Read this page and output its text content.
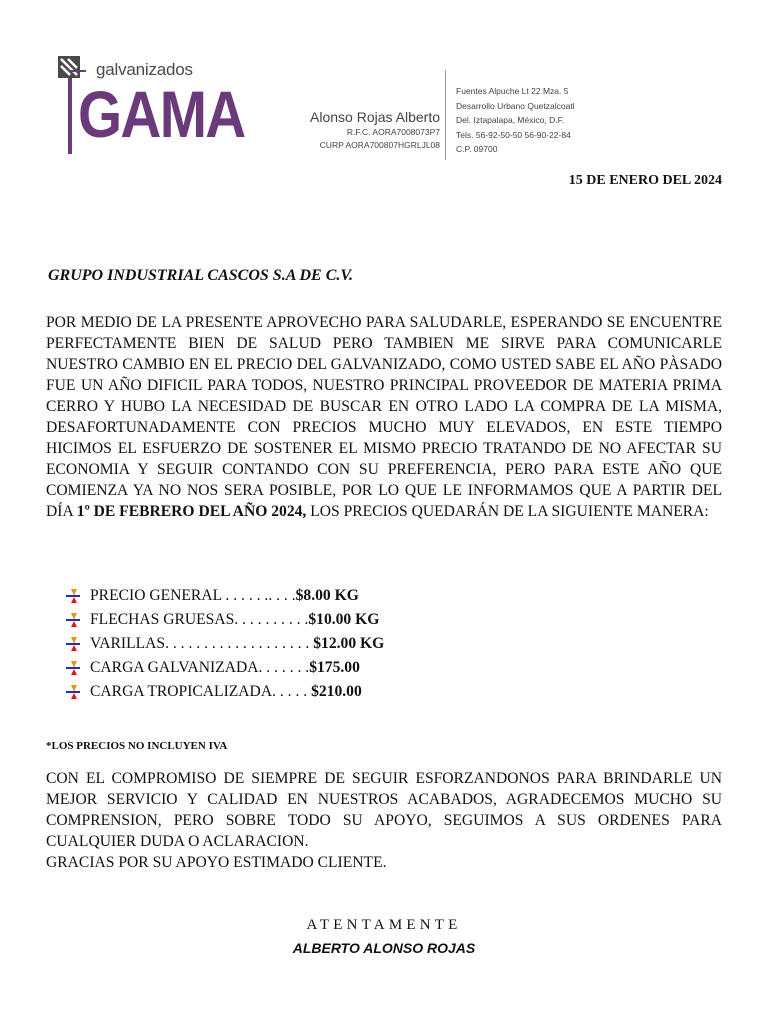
galvanizados
GAMA	Alonso Rojas Alberto
R.F.C. AORA7008073P7
CURP AORA700807HGRLJL08
Fuentes Alpuche Lt 22 Mza. 5
Desarrollo Urbano Quetzalcoatl
Del. Iztapalapa, México, D.F.
Tels. 56-92-50-50 56-90-22-84
C.P. 09700
15 DE ENERO DEL 2024
GRUPO INDUSTRIAL CASCOS S.A DE C.V.
POR MEDIO DE LA PRESENTE APROVECHO PARA SALUDARLE, ESPERANDO SE ENCUENTRE PERFECTAMENTE BIEN DE SALUD PERO TAMBIEN ME SIRVE PARA COMUNICARLE NUESTRO CAMBIO EN EL PRECIO DEL GALVANIZADO, COMO USTED SABE EL AÑO PÀSADO FUE UN AÑO DIFICIL PARA TODOS, NUESTRO PRINCIPAL PROVEEDOR DE MATERIA PRIMA CERRO Y HUBO LA NECESIDAD DE BUSCAR EN OTRO LADO LA COMPRA DE LA MISMA, DESAFORTUNADAMENTE CON PRECIOS MUCHO MUY ELEVADOS, EN ESTE TIEMPO HICIMOS EL ESFUERZO DE SOSTENER EL MISMO PRECIO TRATANDO DE NO AFECTAR SU ECONOMIA Y SEGUIR CONTANDO CON SU PREFERENCIA, PERO PARA ESTE AÑO QUE COMIENZA YA NO NOS SERA POSIBLE, POR LO QUE LE INFORMAMOS QUE A PARTIR DEL DÍA 1º DE FEBRERO DEL AÑO 2024, LOS PRECIOS QUEDARÁN DE LA SIGUIENTE MANERA:
PRECIO GENERAL . . . . . .. . . . $8.00 KG
FLECHAS GRUESAS. . . . . . . . . . $10.00 KG
VARILLAS. . . . . . . . . . . . . . . . . . . $12.00 KG
CARGA GALVANIZADA. . . . . . . $175.00
CARGA TROPICALIZADA. . . . . $210.00
*LOS PRECIOS NO INCLUYEN IVA
CON EL COMPROMISO DE SIEMPRE DE SEGUIR ESFORZANDONOS PARA BRINDARLE UN MEJOR SERVICIO Y CALIDAD EN NUESTROS ACABADOS, AGRADECEMOS MUCHO SU COMPRENSION, PERO SOBRE TODO SU APOYO, SEGUIMOS A SUS ORDENES PARA CUALQUIER DUDA O ACLARACION.
GRACIAS POR SU APOYO ESTIMADO CLIENTE.
ATENTAMENTE
ALBERTO ALONSO ROJAS
